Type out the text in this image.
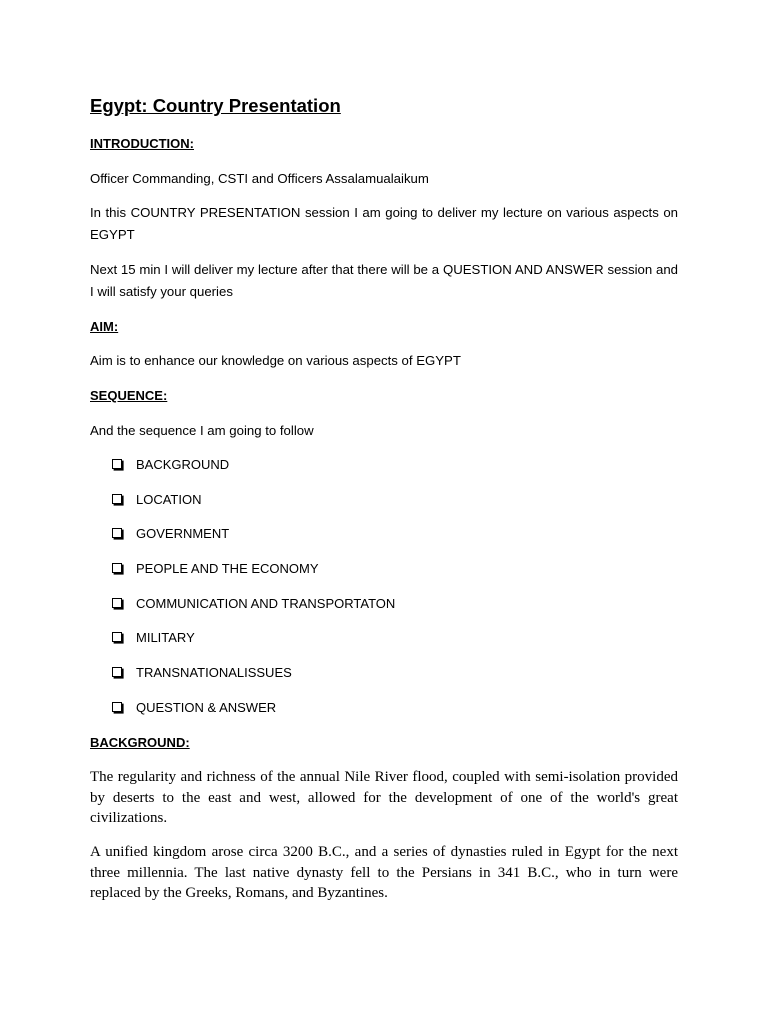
Egypt: Country Presentation
INTRODUCTION:

Officer Commanding, CSTI and Officers Assalamualaikum

In this COUNTRY PRESENTATION session I am going to deliver my lecture on various aspects on EGYPT

Next 15 min I will deliver my lecture after that there will be a QUESTION AND ANSWER session and I will satisfy your queries

AIM:

Aim is to enhance our knowledge on various aspects of EGYPT

SEQUENCE:

And the sequence I am going to follow

BACKGROUND
LOCATION
GOVERNMENT
PEOPLE AND THE ECONOMY
COMMUNICATION AND TRANSPORTATON
MILITARY
TRANSNATIONALISSUES
QUESTION & ANSWER
BACKGROUND:

The regularity and richness of the annual Nile River flood, coupled with semi-isolation provided by deserts to the east and west, allowed for the development of one of the world's great civilizations.

A unified kingdom arose circa 3200 B.C., and a series of dynasties ruled in Egypt for the next three millennia. The last native dynasty fell to the Persians in 341 B.C., who in turn were replaced by the Greeks, Romans, and Byzantines.
